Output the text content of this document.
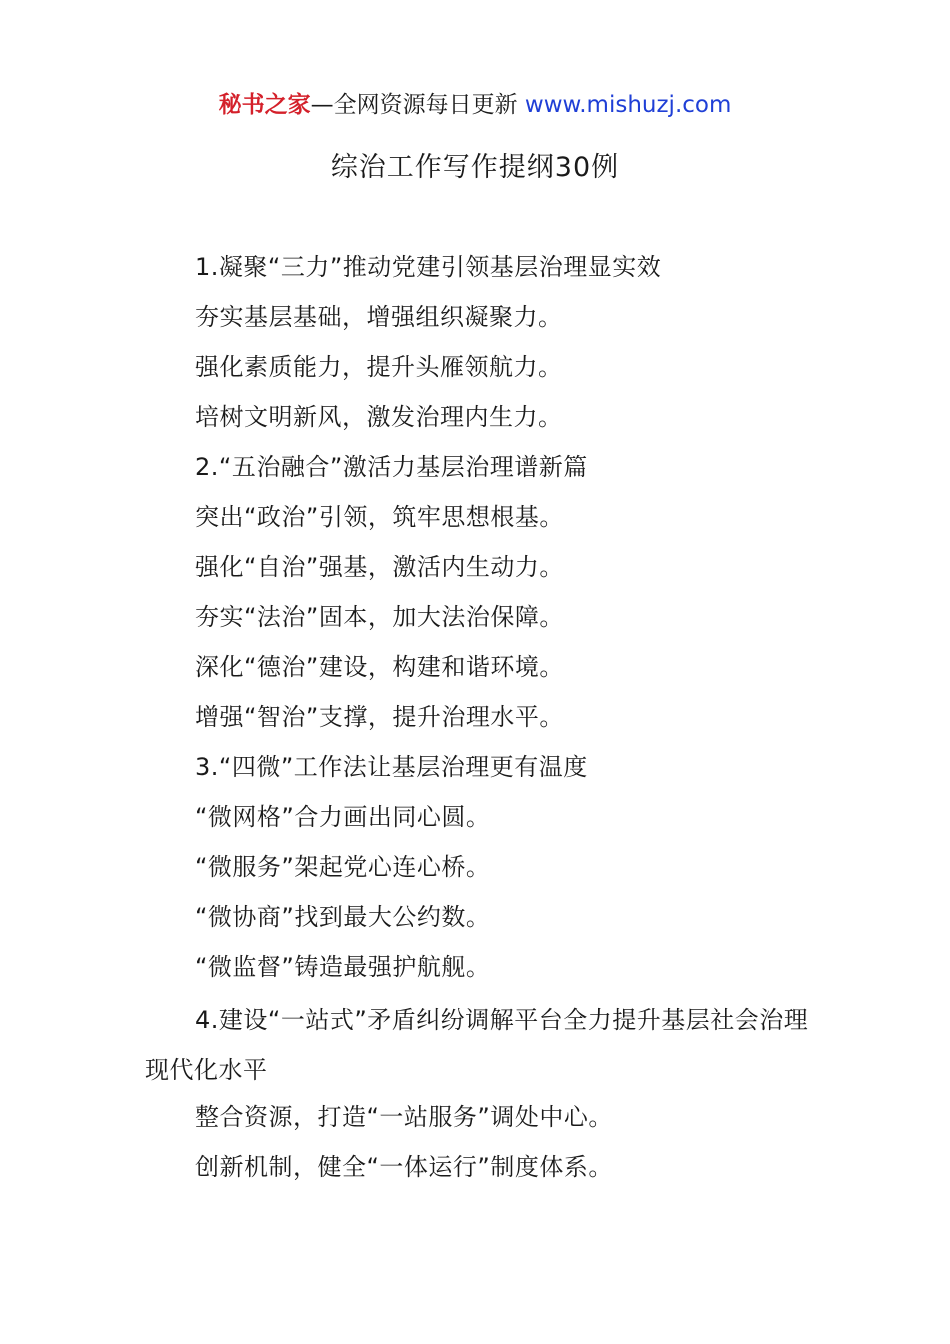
秘书之家—全网资源每日更新 www.mishuzj.com
综治工作写作提纲30例
1.凝聚“三力”推动党建引领基层治理显实效
夯实基层基础，增强组织凝聚力。
强化素质能力，提升头雁领航力。
培树文明新风，激发治理内生力。
2.“五治融合”激活力基层治理谱新篇
突出“政治”引领，筑牢思想根基。
强化“自治”强基，激活内生动力。
夯实“法治”固本，加大法治保障。
深化“德治”建设，构建和谐环境。
增强“智治”支撑，提升治理水平。
3.“四微”工作法让基层治理更有温度
“微网格”合力画出同心圆。
“微服务”架起党心连心桥。
“微协商”找到最大公约数。
“微监督”铸造最强护航舰。
4.建设“一站式”矛盾纠纷调解平台全力提升基层社会治理现代化水平
整合资源，打造“一站服务”调处中心。
创新机制，健全“一体运行”制度体系。
